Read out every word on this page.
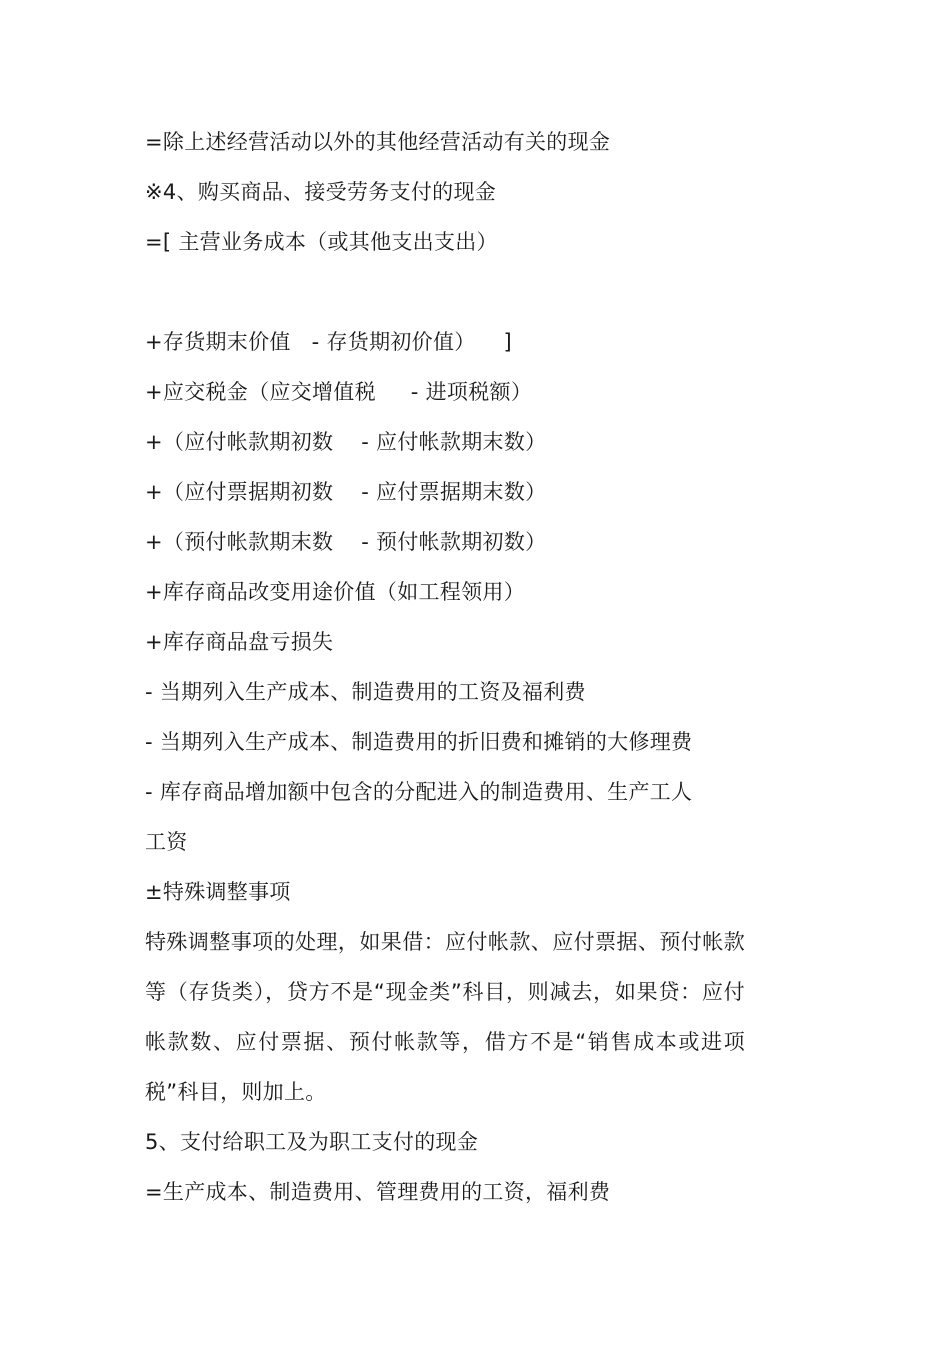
=除上述经营活动以外的其他经营活动有关的现金
※4、购买商品、接受劳务支付的现金
=[ 主营业务成本（或其他支出支出）
+存货期末价值   - 存货期初价值）    ]
+应交税金（应交增值税     - 进项税额）
+（应付帐款期初数    - 应付帐款期末数）
+（应付票据期初数    - 应付票据期末数）
+（预付帐款期末数    - 预付帐款期初数）
+库存商品改变用途价值（如工程领用）
+库存商品盘亏损失
- 当期列入生产成本、制造费用的工资及福利费
- 当期列入生产成本、制造费用的折旧费和摊销的大修理费
- 库存商品增加额中包含的分配进入的制造费用、生产工人
工资
±特殊调整事项
特殊调整事项的处理，如果借：应付帐款、应付票据、预付帐款等（存货类），贷方不是“现金类”科目，则减去，如果贷：应付帐款数、应付票据、预付帐款等，借方不是“销售成本或进项税”科目，则加上。
5、支付给职工及为职工支付的现金
=生产成本、制造费用、管理费用的工资，福利费
